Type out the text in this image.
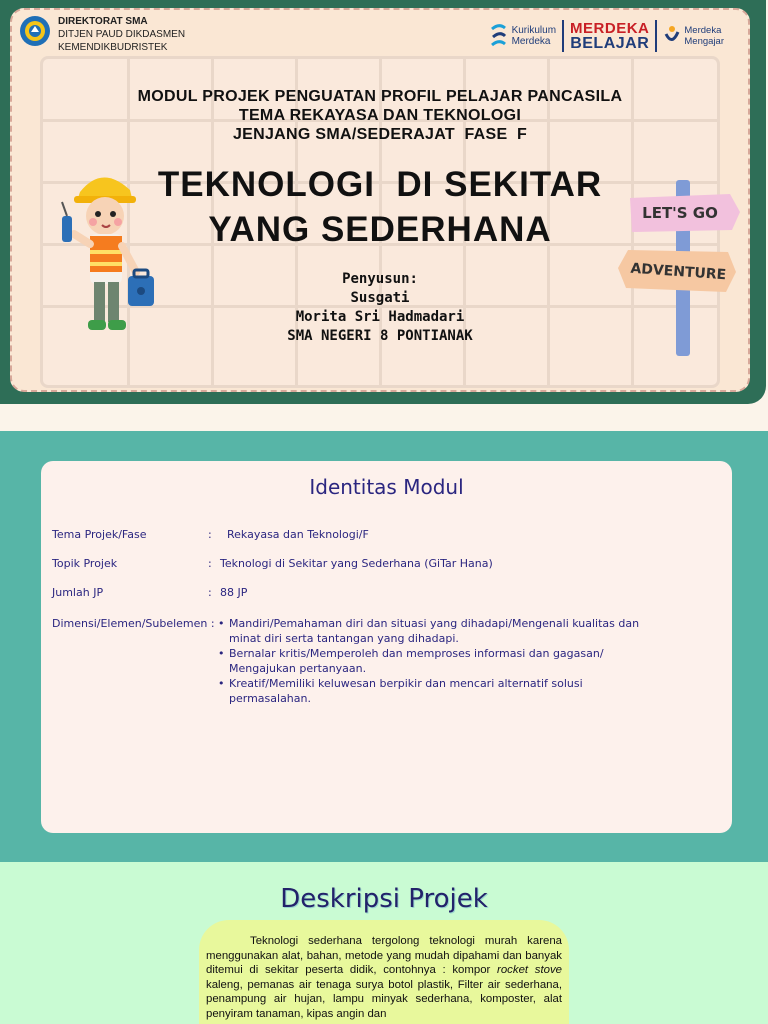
DIREKTORAT SMA
DITJEN PAUD DIKDASMEN
KEMENDIKBUDRISTEK
Kurikulum
Merdeka
MERDEKA
BELAJAR
Merdeka
Mengajar
MODUL PROJEK PENGUATAN PROFIL PELAJAR PANCASILA
TEMA REKAYASA DAN TEKNOLOGI
JENJANG SMA/SEDERAJAT  FASE  F
TEKNOLOGI  DI SEKITAR
YANG SEDERHANA
Penyusun:
Susgati
Morita Sri Hadmadari
SMA NEGERI 8 PONTIANAK
LET'S GO
ADVENTURE
Identitas Modul
Tema Projek/Fase	: Rekayasa dan Teknologi/F
Topik Projek	: Teknologi di Sekitar yang Sederhana (GiTar Hana)
Jumlah JP	: 88 JP
Dimensi/Elemen/Subelemen :
•	Mandiri/Pemahaman diri dan situasi yang dihadapi/Mengenali kualitas dan minat diri serta tantangan yang dihadapi.
• Bernalar kritis/Memperoleh dan memproses informasi dan gagasan/ Mengajukan pertanyaan.
• Kreatif/Memiliki keluwesan berpikir dan mencari alternatif solusi permasalahan.
Deskripsi Projek

Teknologi sederhana tergolong teknologi murah karena menggunakan alat, bahan, metode yang mudah dipahami dan banyak ditemui di sekitar peserta didik, contohnya : kompor rocket stove kaleng, pemanas air tenaga surya botol plastik, Filter air sederhana, penampung air hujan, lampu minyak sederhana, komposter, alat penyiram tanaman, kipas angin dan
